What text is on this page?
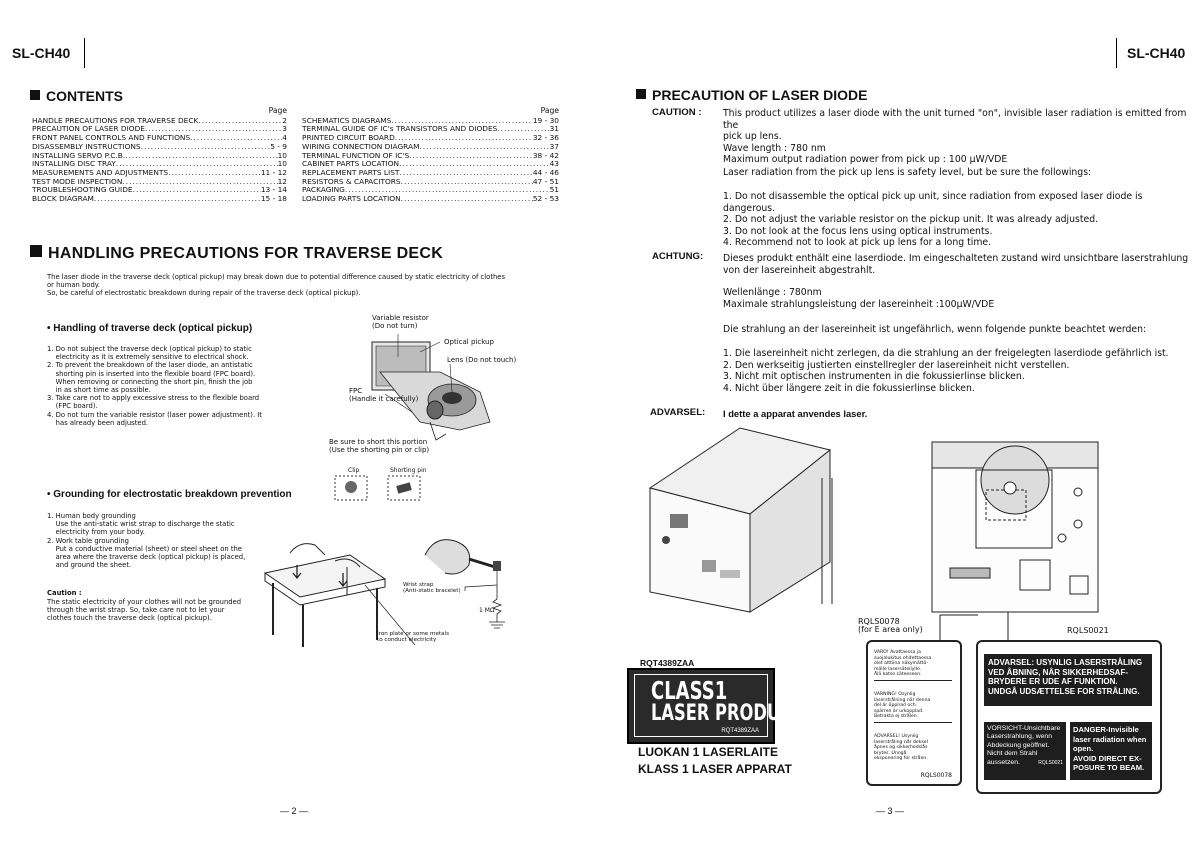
SL-CH40	SL-CH40
CONTENTS
Page
HANDLE PRECAUTIONS FOR TRAVERSE DECK .....	2
PRECAUTION OF LASER DIODE .....	3
FRONT PANEL CONTROLS AND FUNCTIONS .....	4
DISASSEMBLY INSTRUCTIONS .....	5 - 9
INSTALLING SERVO P.C.B. .....	10
INSTALLING DISC TRAY .....	10
MEASUREMENTS AND ADJUSTMENTS .....	11 - 12
TEST MODE INSPECTION .....	12
TROUBLESHOOTING GUIDE .....	13 - 14
BLOCK DIAGRAM .....	15 - 18
Page
SCHEMATICS DIAGRAMS .....	19 - 30
TERMINAL GUIDE OF IC's TRANSISTORS AND DIODES .....	31
PRINTED CIRCUIT BOARD .....	32 - 36
WIRING CONNECTION DIAGRAM .....	37
TERMINAL FUNCTION OF IC'S .....	38 - 42
CABINET PARTS LOCATION .....	43
REPLACEMENT PARTS LIST .....	44 - 46
RESISTORS & CAPACITORS .....	47 - 51
PACKAGING .....	51
LOADING PARTS LOCATION .....	52 - 53
HANDLING PRECAUTIONS FOR TRAVERSE DECK
The laser diode in the traverse deck (optical pickup) may break down due to potential difference caused by static electricity of clothes
or human body.
So, be careful of electrostatic breakdown during repair of the traverse deck (optical pickup).
• Handling of traverse deck (optical pickup)
1. Do not subject the traverse deck (optical pickup) to static
electricity as it is extremely sensitive to electrical shock.
2. To prevent the breakdown of the laser diode, an antistatic
shorting pin is inserted into the flexible board (FPC board).
When removing or connecting the short pin, finish the job
in as short time as possible.
3. Take care not to apply excessive stress to the flexible board
(FPC board).
4. Do not turn the variable resistor (laser power adjustment). It
has already been adjusted.
Variable resistor
(Do not turn)
Optical pickup
Lens (Do not touch)
FPC
(Handle it carefully)
Be sure to short this portion
(Use the shorting pin or clip)
Clip	Shorting pin
• Grounding for electrostatic breakdown prevention
1. Human body grounding
Use the anti-static wrist strap to discharge the static
electricity from your body.
2. Work table grounding
Put a conductive material (sheet) or steel sheet on the
area where the traverse deck (optical pickup) is placed,
and ground the sheet.
Caution :
The static electricity of your clothes will not be grounded
through the wrist strap. So, take care not to let your
clothes touch the traverse deck (optical pickup).
Wrist strap
(Anti-static bracelet)
1 MΩ
Iron plate or some metals
to conduct electricity
PRECAUTION OF LASER DIODE
CAUTION : This product utilizes a laser diode with the unit turned "on", invisible laser radiation is emitted from the
pick up lens.
Wave length : 780 nm
Maximum output radiation power from pick up : 100 μW/VDE
Laser radiation from the pick up lens is safety level, but be sure the followings:
1. Do not disassemble the optical pick up unit, since radiation from exposed laser diode is dangerous.
2. Do not adjust the variable resistor on the pickup unit. It was already adjusted.
3. Do not look at the focus lens using optical instruments.
4. Recommend not to look at pick up lens for a long time.
ACHTUNG: Dieses produkt enthält eine laserdiode. Im eingeschalteten zustand wird unsichtbare laserstrahlung
von der lasereinheit abgestrahlt.
Wellenlänge : 780nm
Maximale strahlungsleistung der lasereinheit :100μW/VDE
Die strahlung an der lasereinheit ist ungefährlich, wenn folgende punkte beachtet werden:
1. Die lasereinheit nicht zerlegen, da die strahlung an der freigelegten laserdiode gefährlich ist.
2. Den werkseitig justierten einstellregler der lasereinheit nicht verstellen.
3. Nicht mit optischen instrumenten in die fokussierlinse blicken.
4. Nicht über längere zeit in die fokussierlinse blicken.
ADVARSEL: I dette a apparat anvendes laser.
RQT4389ZAA
CLASS1
LASER PRODUCT
RQT4389ZAA
LUOKAN 1 LASERLAITE
KLASS 1 LASER APPARAT
RQLS0078
(for E area only)
VARO! Avattaessa ja
suojalukitus ohitettaessa
olet alttiina näkymättö-
mälle lasersäteilylle.
Älä katso säteeseen.
VARNING! Osynlig
laserstrålning när denna
del är öppnad och
spärren är urkopplad.
Betrakta ej strålen.
ADVARSEL! Usynlig
laserstråling når deksel
åpnes og sikkerhedslås
brytes. Unngå
eksponering for stråen.
RQLS0078
RQLS0021
ADVARSEL: USYNLIG LASERSTRÅLING
VED ÅBNING, NÅR SIKKERHEDSAF-
BRYDERE ER UDE AF FUNKTION.
UNDGÅ UDSÆTTELSE FOR STRÅLING.
VORSICHT-Unsichtbare
Laserstrahlung, wenn
Abdeckung geöffnet.
Nicht dem Strahl
aussetzen.	RQLS0021
DANGER-Invisible
laser radiation when
open.
AVOID DIRECT EX-
POSURE TO BEAM.
— 2 —	— 3 —
